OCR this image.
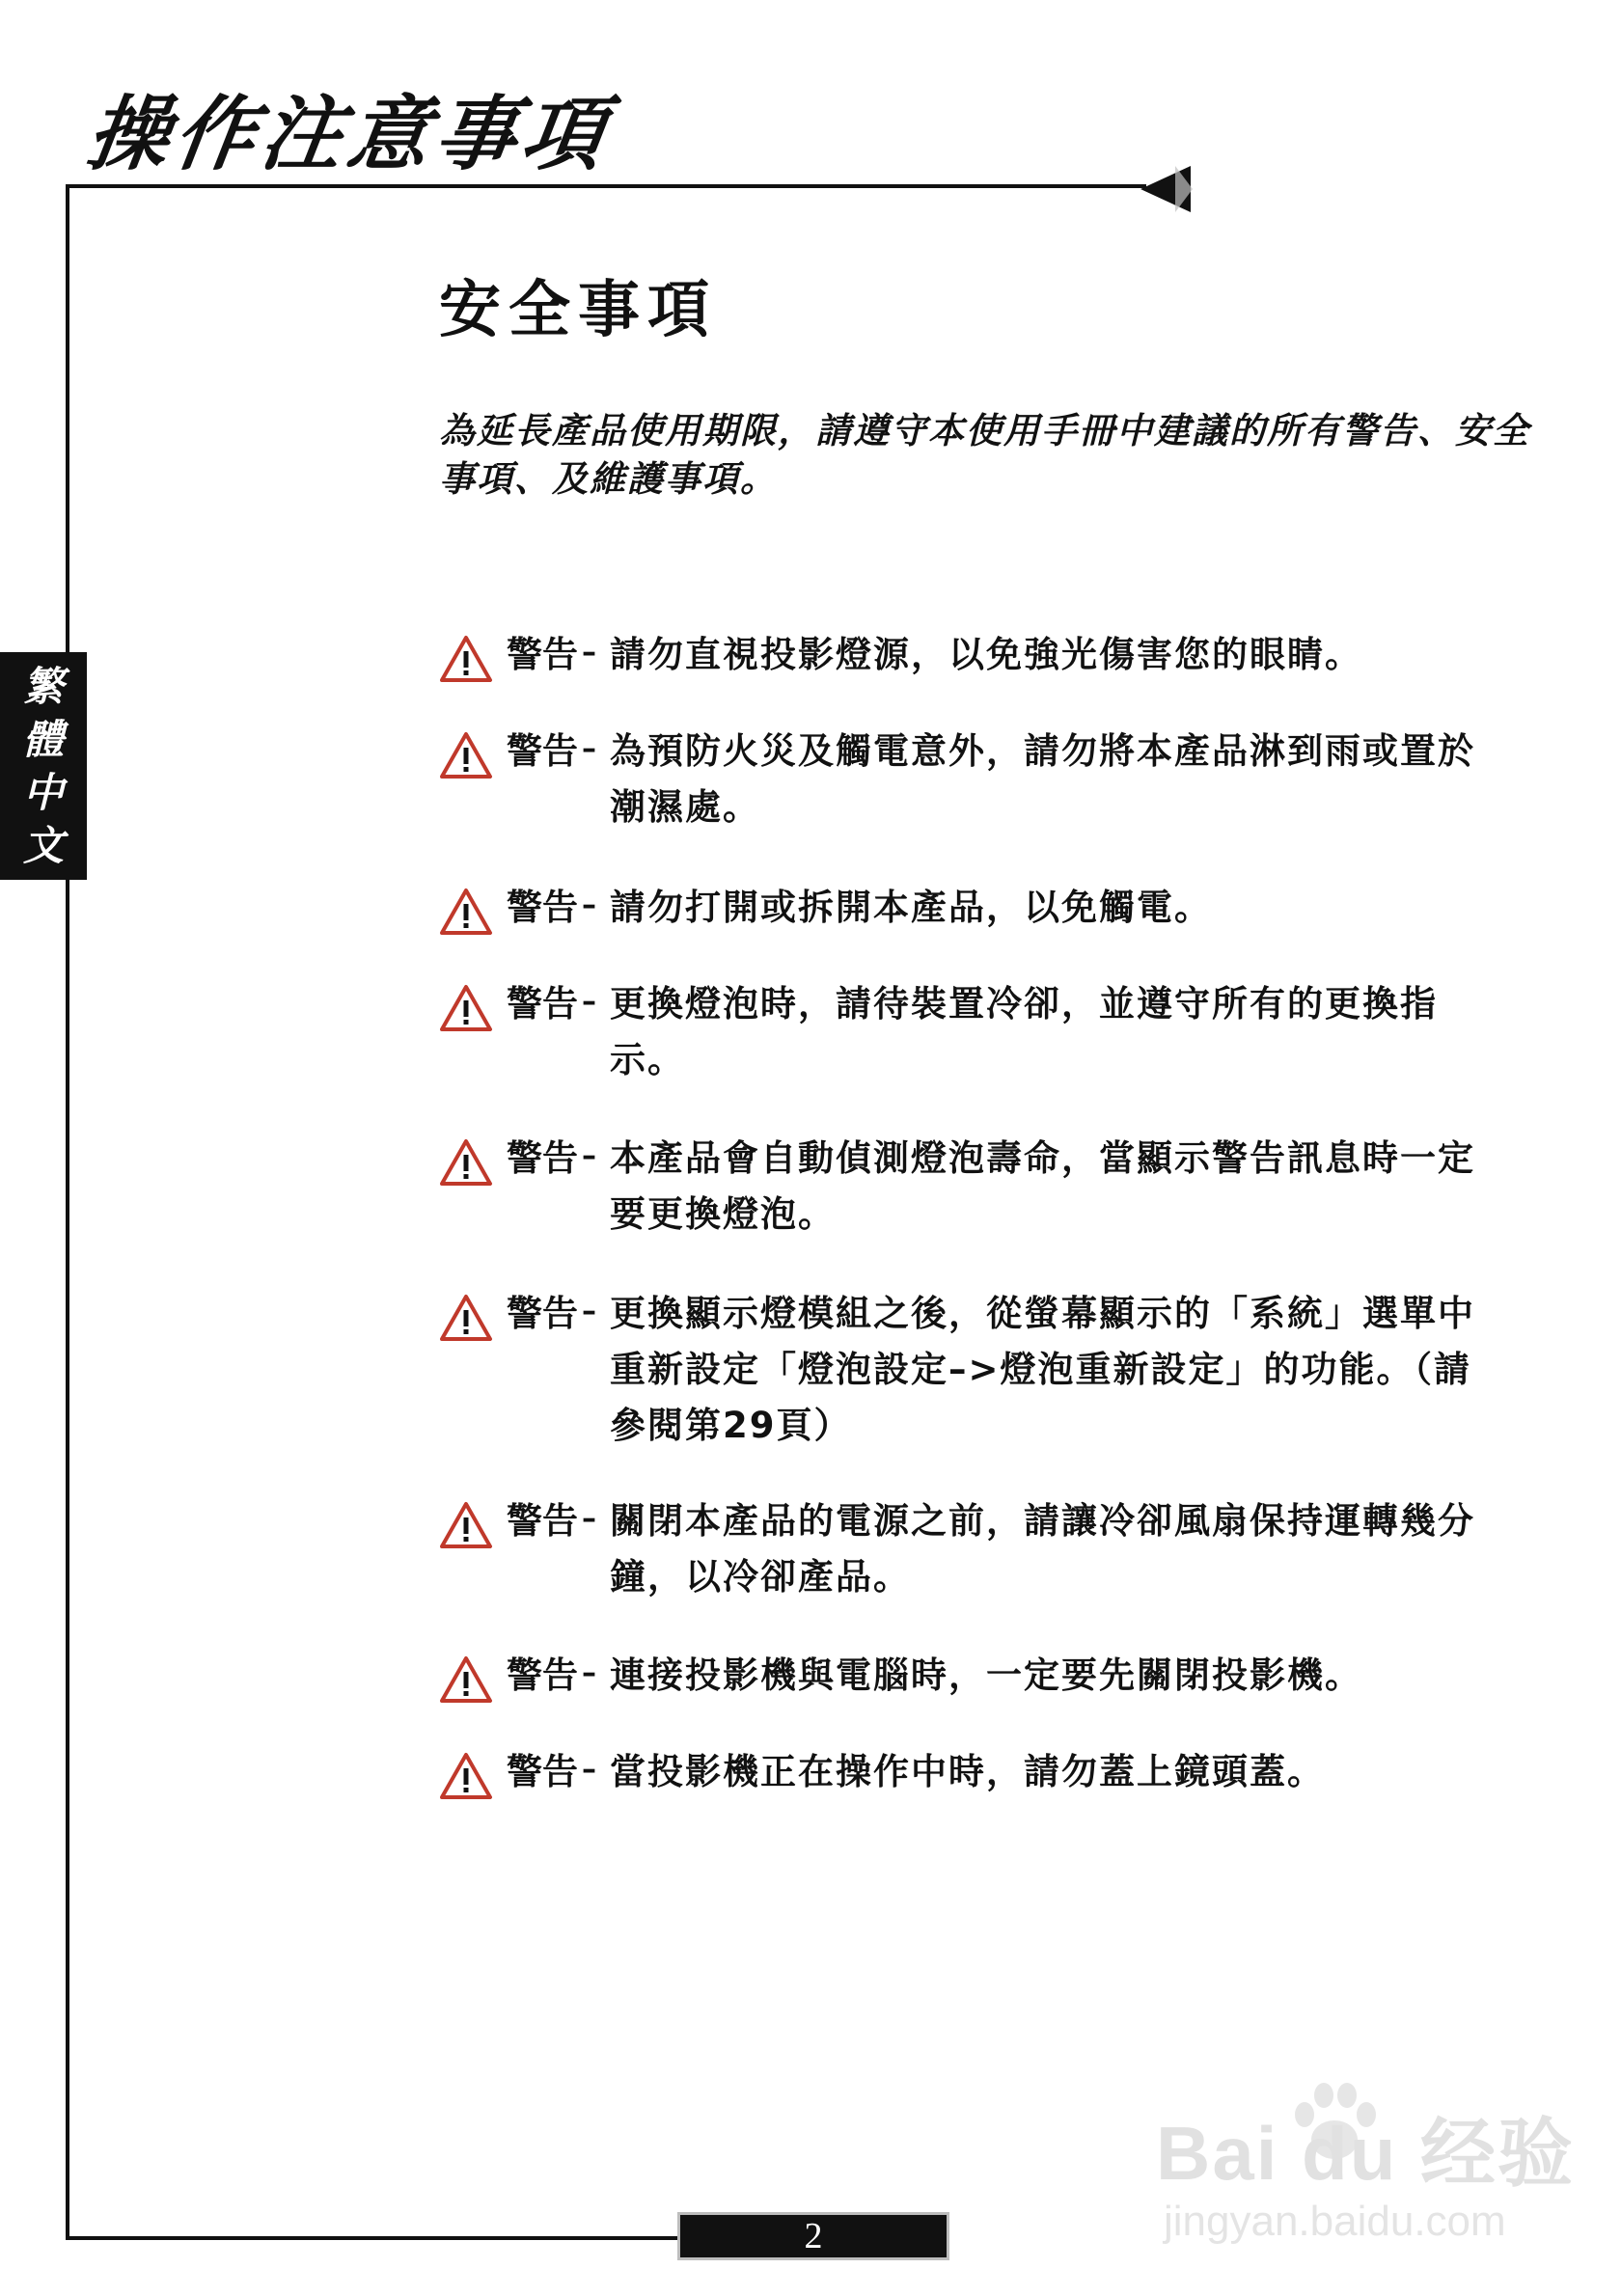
操作注意事項
繁
體
中
文
安全事項
為延長產品使用期限，請遵守本使用手冊中建議的所有警告、安全事項、及維護事項。
警告 – 請勿直視投影燈源，以免強光傷害您的眼睛。
警告 – 為預防火災及觸電意外，請勿將本產品淋到雨或置於潮濕處。
警告 – 請勿打開或拆開本產品，以免觸電。
警告 – 更換燈泡時，請待裝置冷卻，並遵守所有的更換指示。
警告 – 本產品會自動偵測燈泡壽命，當顯示警告訊息時一定要更換燈泡。
警告 – 更換顯示燈模組之後，從螢幕顯示的「系統」選單中重新設定「燈泡設定–>燈泡重新設定」的功能。（請參閱第29頁）
警告 – 關閉本產品的電源之前，請讓冷卻風扇保持運轉幾分鐘，以冷卻產品。
警告 – 連接投影機與電腦時，一定要先關閉投影機。
警告 – 當投影機正在操作中時，請勿蓋上鏡頭蓋。
2
Bai du 经验
jingyan.baidu.com
